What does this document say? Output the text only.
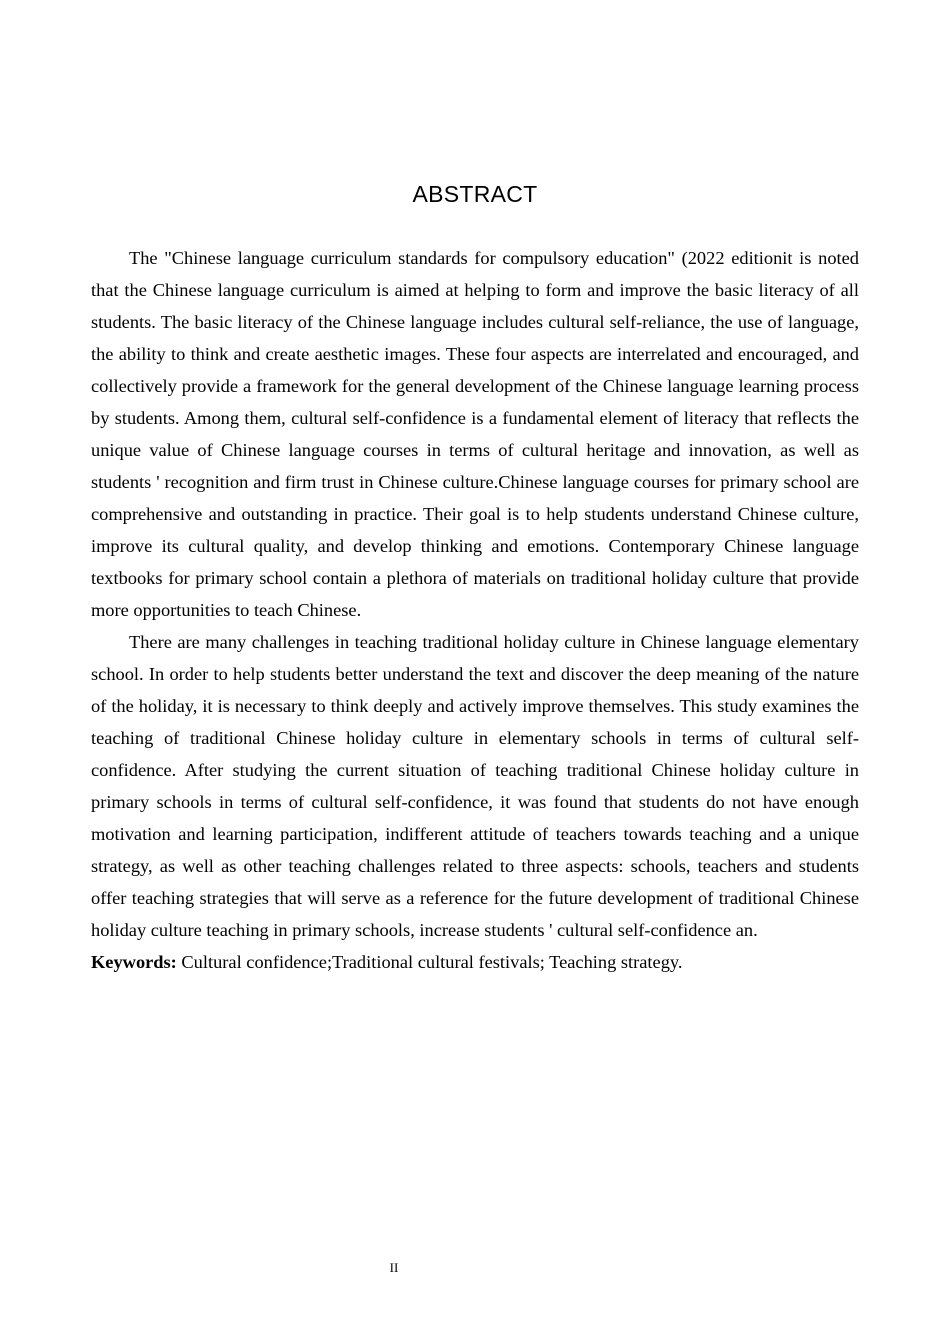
ABSTRACT

The "Chinese language curriculum standards for compulsory education" (2022 editionit is noted that the Chinese language curriculum is aimed at helping to form and improve the basic literacy of all students. The basic literacy of the Chinese language includes cultural self-reliance, the use of language, the ability to think and create aesthetic images. These four aspects are interrelated and encouraged, and collectively provide a framework for the general development of the Chinese language learning process by students. Among them, cultural self-confidence is a fundamental element of literacy that reflects the unique value of Chinese language courses in terms of cultural heritage and innovation, as well as students ' recognition and firm trust in Chinese culture.Chinese language courses for primary school are comprehensive and outstanding in practice. Their goal is to help students understand Chinese culture, improve its cultural quality, and develop thinking and emotions. Contemporary Chinese language textbooks for primary school contain a plethora of materials on traditional holiday culture that provide more opportunities to teach Chinese.

There are many challenges in teaching traditional holiday culture in Chinese language elementary school. In order to help students better understand the text and discover the deep meaning of the nature of the holiday, it is necessary to think deeply and actively improve themselves. This study examines the teaching of traditional Chinese holiday culture in elementary schools in terms of cultural self-confidence. After studying the current situation of teaching traditional Chinese holiday culture in primary schools in terms of cultural self-confidence, it was found that students do not have enough motivation and learning participation, indifferent attitude of teachers towards teaching and a unique strategy, as well as other teaching challenges related to three aspects: schools, teachers and students offer teaching strategies that will serve as a reference for the future development of traditional Chinese holiday culture teaching in primary schools, increase students ' cultural self-confidence an.

Keywords: Cultural confidence;Traditional cultural festivals; Teaching strategy.

II
